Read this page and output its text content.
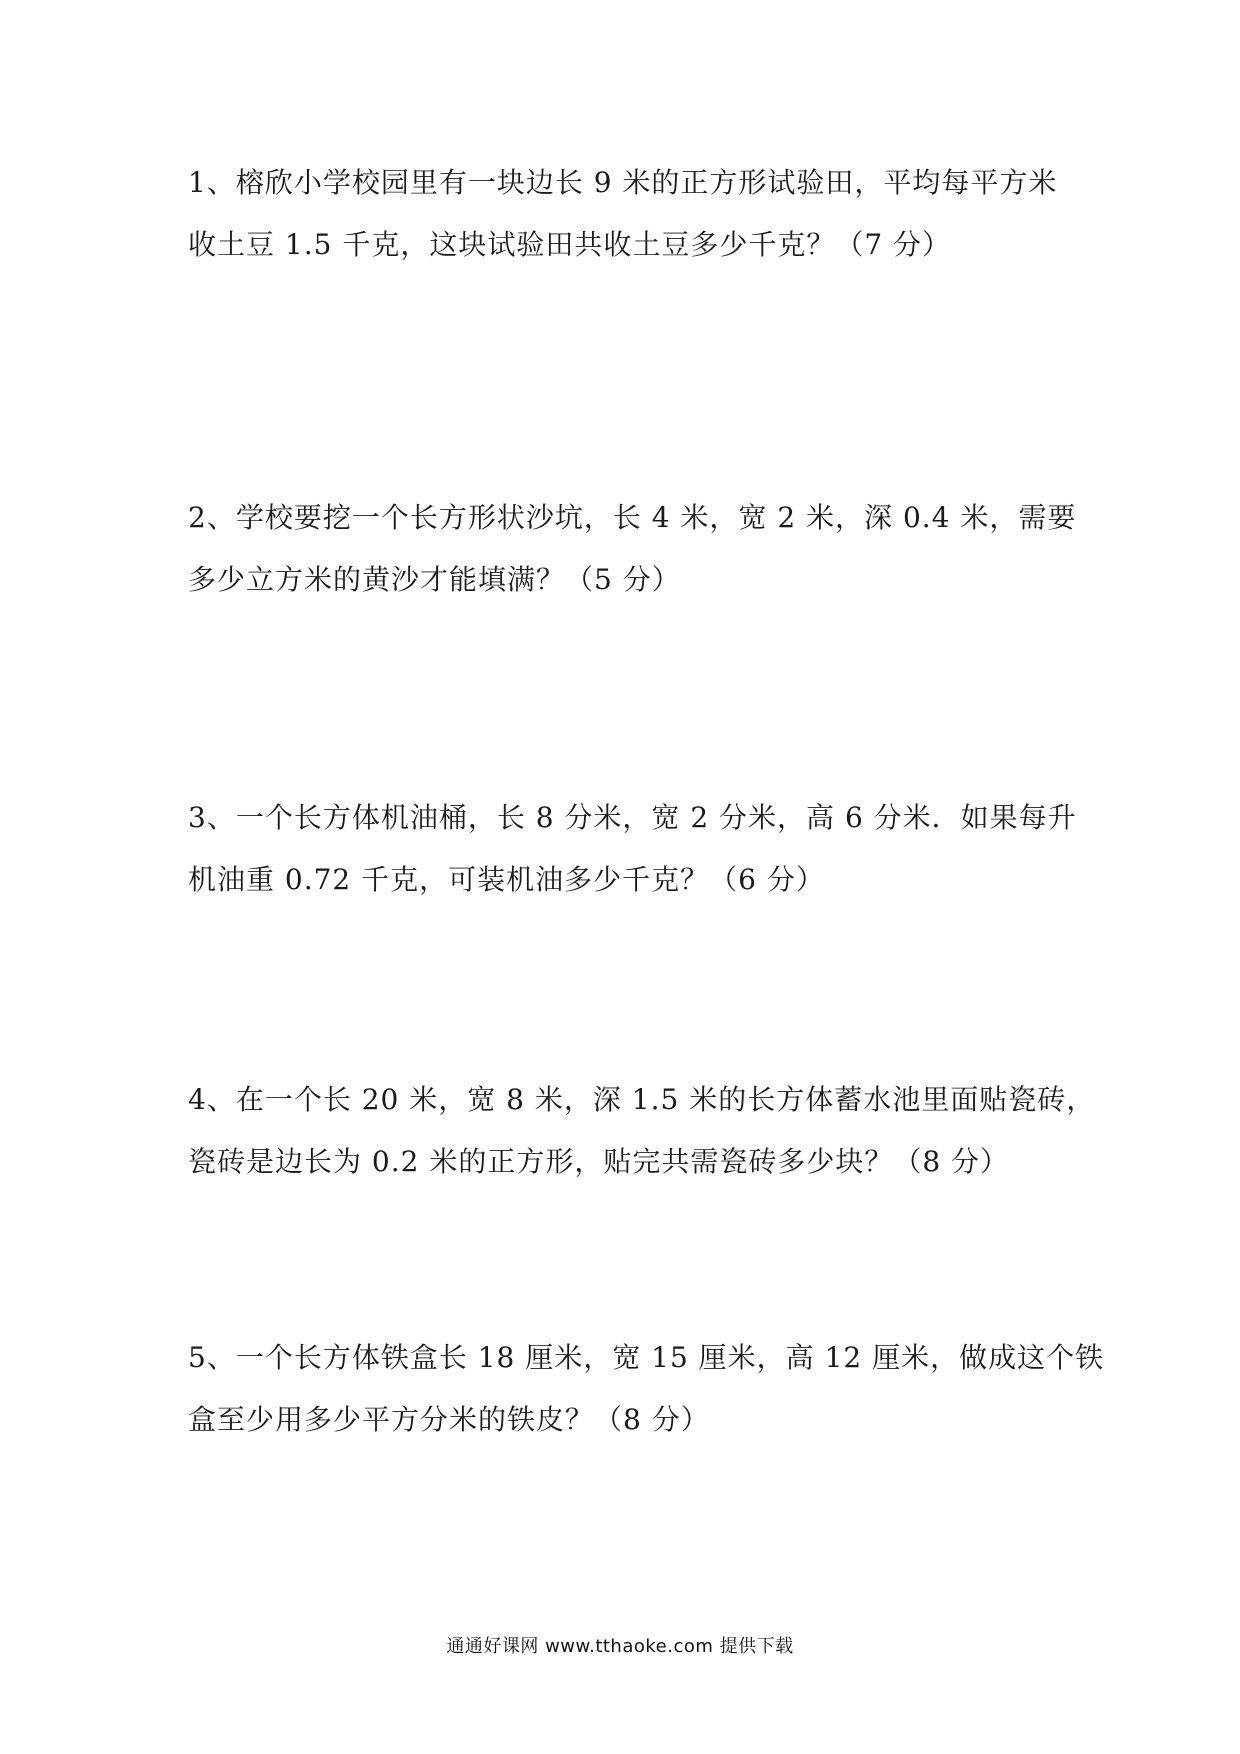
1、榕欣小学校园里有一块边长 9 米的正方形试验田，平均每平方米
收土豆 1.5 千克，这块试验田共收土豆多少千克？（7 分）
2、学校要挖一个长方形状沙坑，长 4 米，宽 2 米，深 0.4 米，需要
多少立方米的黄沙才能填满？（5 分）
3、一个长方体机油桶，长 8 分米，宽 2 分米，高 6 分米．如果每升
机油重 0.72 千克，可装机油多少千克？（6 分）
4、在一个长 20 米，宽 8 米，深 1.5 米的长方体蓄水池里面贴瓷砖，
瓷砖是边长为 0.2 米的正方形，贴完共需瓷砖多少块？（8 分）
5、一个长方体铁盒长 18 厘米，宽 15 厘米，高 12 厘米，做成这个铁
盒至少用多少平方分米的铁皮？（8 分）
通通好课网 www.tthaoke.com 提供下载
